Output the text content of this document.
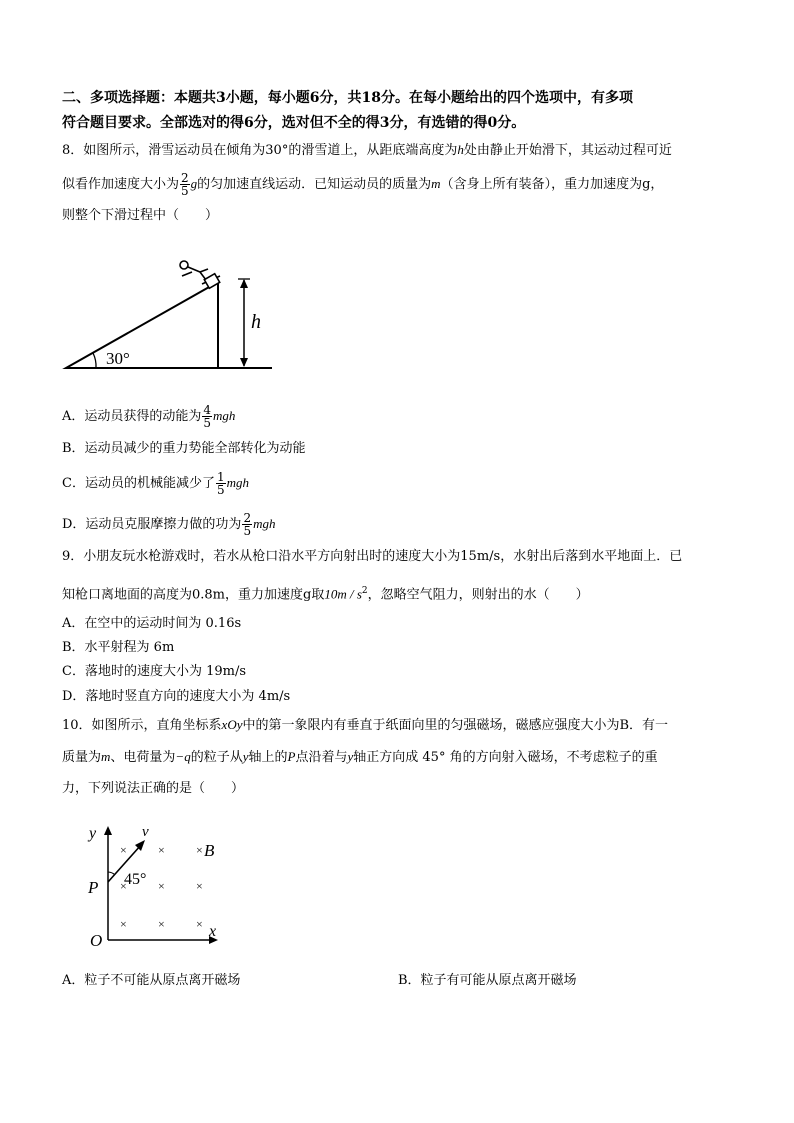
二、多项选择题：本题共3小题，每小题6分，共18分。在每小题给出的四个选项中，有多项
符合题目要求。全部选对的得6分，选对但不全的得3分，有选错的得0分。
8．如图所示，滑雪运动员在倾角为30°的滑雪道上，从距底端高度为h处由静止开始滑下，其运动过程可近
似看作加速度大小为 $\frac{2}{5}$ g的匀加速直线运动．已知运动员的质量为m（含身上所有装备），重力加速度为g，
则整个下滑过程中（　　）
30°
h
A．运动员获得的动能为 $\frac{4}{5}$ mgh
B．运动员减少的重力势能全部转化为动能
C．运动员的机械能减少了 $\frac{1}{5}$ mgh
D．运动员克服摩擦力做的功为 $\frac{2}{5}$ mgh
9．小朋友玩水枪游戏时，若水从枪口沿水平方向射出时的速度大小为15m/s，水射出后落到水平地面上．已
知枪口离地面的高度为0.8m，重力加速度g取$10m / s^2$，忽略空气阻力，则射出的水（　　）
A．在空中的运动时间为 0.16s
B．水平射程为 6m
C．落地时的速度大小为 19m/s
D．落地时竖直方向的速度大小为 4m/s
10．如图所示，直角坐标系xOy中的第一象限内有垂直于纸面向里的匀强磁场，磁感应强度大小为B．有一
质量为m、电荷量为−q的粒子从y轴上的P点沿着与y轴正方向成 45° 角的方向射入磁场，不考虑粒子的重
力，下列说法正确的是（　　）
y
x
O
P
v
45°
×	×	×
×	×	×
×	×	×
B
A．粒子不可能从原点离开磁场	B．粒子有可能从原点离开磁场
